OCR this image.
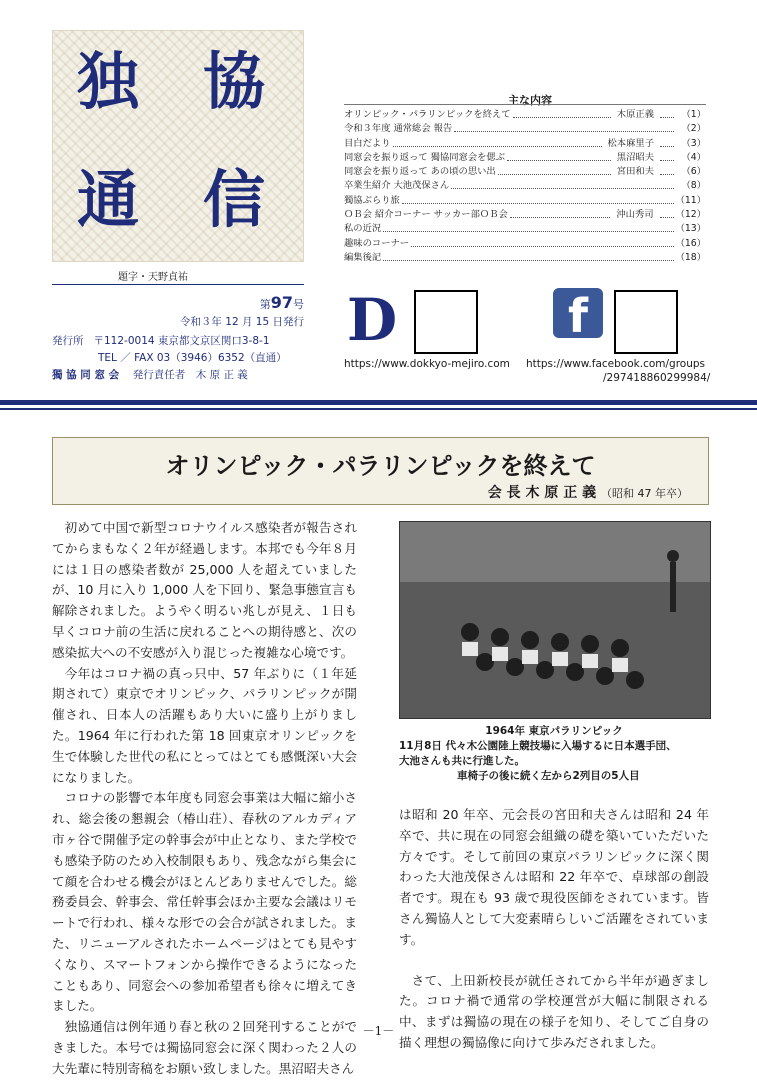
独 協
通 信
題字・天野貞祐
第97号
令和３年 12 月 15 日発行
発行所 〒112-0014 東京都文京区関口3-8-1
TEL ／ FAX 03（3946）6352（直通）
獨 協 同 窓 会 発行責任者　木 原 正 義
主な内容
オリンピック・パラリンピックを終えて	木原正義	（1）
令和３年度 通常総会 報告	（2）
目白だより	松本麻里子	（3）
同窓会を振り返って 獨協同窓会を偲ぶ	黒沼昭夫	（4）
同窓会を振り返って あの頃の思い出	宮田和夫	（6）
卒業生紹介 大池茂保さん	（8）
獨協ぶらり旅	（11）
ＯＢ会 紹介コーナー サッカー部ＯＢ会	沖山秀司 （12）
私の近況	（13）
趣味のコーナー	（16）
編集後記	（18）
D	f
https://www.dokkyo-mejiro.com https://www.facebook.com/groups
/297418860299984/
オリンピック・パラリンピックを終えて
会 長 木 原 正 義 （昭和 47 年卒）

初めて中国で新型コロナウイルス感染者が報告されてからまもなく２年が経過します。本邦でも今年８月には１日の感染者数が 25,000 人を超えていましたが、10 月に入り 1,000 人を下回り、緊急事態宣言も解除されました。ようやく明るい兆しが見え、１日も早くコロナ前の生活に戻れることへの期待感と、次の感染拡大への不安感が入り混じった複雑な心境です。

今年はコロナ禍の真っ只中、57 年ぶりに（１年延期されて）東京でオリンピック、パラリンピックが開催され、日本人の活躍もあり大いに盛り上がりました。1964 年に行われた第 18 回東京オリンピックを生で体験した世代の私にとってはとても感慨深い大会になりました。

コロナの影響で本年度も同窓会事業は大幅に縮小され、総会後の懇親会（椿山荘）、春秋のアルカディア市ヶ谷で開催予定の幹事会が中止となり、また学校でも感染予防のため入校制限もあり、残念ながら集会にて顔を合わせる機会がほとんどありませんでした。総務委員会、幹事会、常任幹事会ほか主要な会議はリモートで行われ、様々な形での会合が試されました。また、リニューアルされたホームページはとても見やすくなり、スマートフォンから操作できるようになったこともあり、同窓会への参加希望者も徐々に増えてきました。

独協通信は例年通り春と秋の２回発刊することができました。本号では獨協同窓会に深く関わった２人の大先輩に特別寄稿をお願い致しました。黒沼昭夫さん

1964年 東京パラリンピック
11月8日 代々木公園陸上競技場に入場するに日本選手団、
大池さんも共に行進した。
車椅子の後に続く左から2列目の5人目

は昭和 20 年卒、元会長の宮田和夫さんは昭和 24 年卒で、共に現在の同窓会組織の礎を築いていただいた方々です。そして前回の東京パラリンピックに深く関わった大池茂保さんは昭和 22 年卒で、卓球部の創設者です。現在も 93 歳で現役医師をされています。皆さん獨協人として大変素晴らしいご活躍をされています。

さて、上田新校長が就任されてから半年が過ぎました。コロナ禍で通常の学校運営が大幅に制限される中、まずは獨協の現在の様子を知り、そしてご自身の描く理想の獨協像に向けて歩みだされました。

－1－
